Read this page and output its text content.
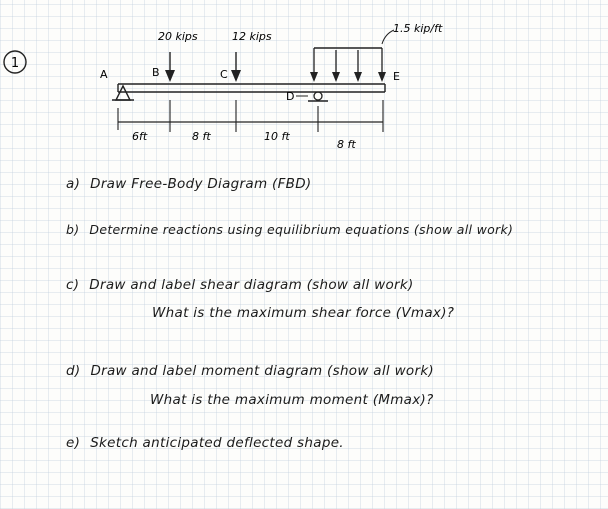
1
20 kips	12 kips
1.5 kip/ft
A	B	C
D
E
6ft	8 ft	10 ft
8 ft
a) Draw Free-Body Diagram (FBD)
b) Determine reactions using equilibrium equations (show all work)
c) Draw and label shear diagram (show all work)
What is the maximum shear force (Vmax)?
d) Draw and label moment diagram (show all work)
What is the maximum moment (Mmax)?
e) Sketch anticipated deflected shape.
